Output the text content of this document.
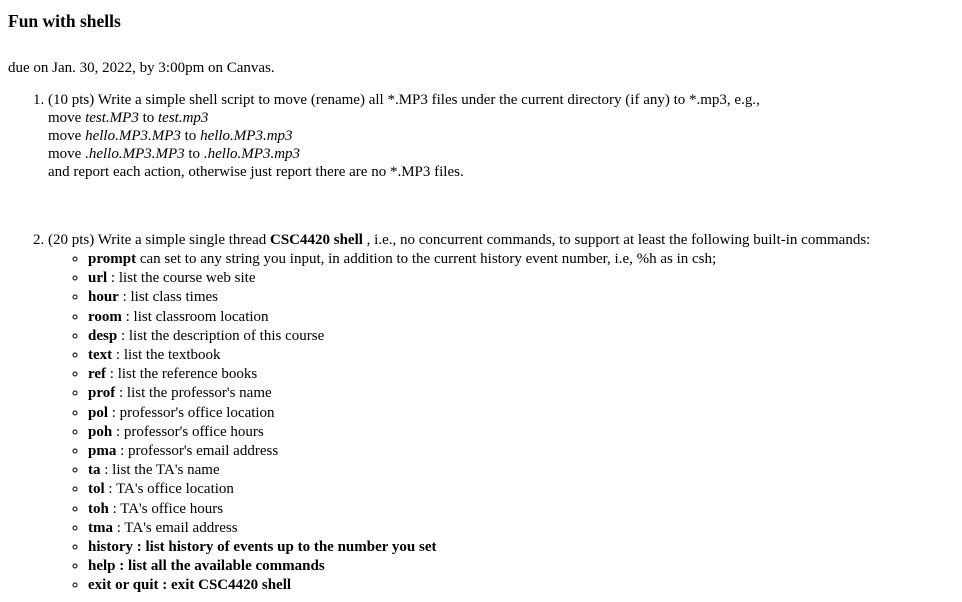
Fun with shells

due on Jan. 30, 2022, by 3:00pm on Canvas.

1. (10 pts) Write a simple shell script to move (rename) all *.MP3 files under the current directory (if any) to *.mp3, e.g.,
move test.MP3 to test.mp3
move hello.MP3.MP3 to hello.MP3.mp3
move .hello.MP3.MP3 to .hello.MP3.mp3
and report each action, otherwise just report there are no *.MP3 files.
2. (20 pts) Write a simple single thread CSC4420 shell , i.e., no concurrent commands, to support at least the following built-in commands:
◦ prompt can set to any string you input, in addition to the current history event number, i.e, %h as in csh;
◦ url : list the course web site
◦ hour : list class times
◦ room : list classroom location
◦ desp : list the description of this course
◦ text : list the textbook
◦ ref : list the reference books
◦ prof : list the professor's name
◦ pol : professor's office location
◦ poh : professor's office hours
◦ pma : professor's email address
◦ ta : list the TA's name
◦ tol : TA's office location
◦ toh : TA's office hours
◦ tma : TA's email address
◦ history : list history of events up to the number you set
◦ help : list all the available commands
◦ exit or quit : exit CSC4420 shell
